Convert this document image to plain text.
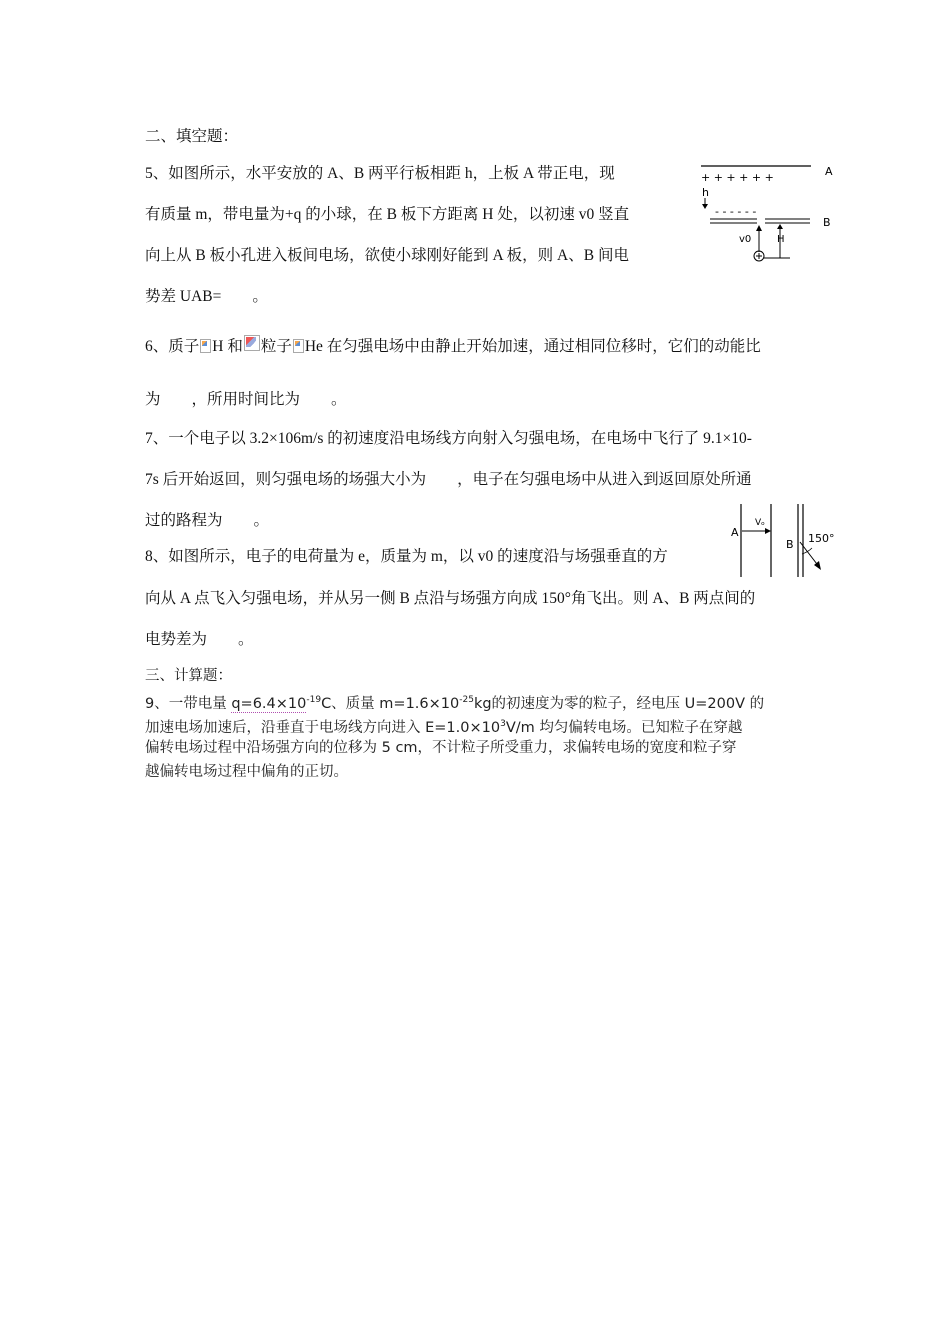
二、填空题：
5、如图所示，水平安放的 A、B 两平行板相距 h，上板 A 带正电，现
有质量 m，带电量为+q 的小球，在 B 板下方距离 H 处，以初速 v0 竖直
向上从 B 板小孔进入板间电场，欲使小球刚好能到 A 板，则 A、B 间电
势差 UAB=　　。
+ + + + + +	A
h
- - - - - -
B
v0	H
6、质子 H 和 粒子 He 在匀强电场中由静止开始加速，通过相同位移时，它们的动能比
为　　，所用时间比为　　。
7、一个电子以 3.2×106m/s 的初速度沿电场线方向射入匀强电场，在电场中飞行了 9.1×10-
7s 后开始返回，则匀强电场的场强大小为　　，电子在匀强电场中从进入到返回原处所通
过的路程为　　。
8、如图所示，电子的电荷量为 e，质量为 m，以 v0 的速度沿与场强垂直的方
向从 A 点飞入匀强电场，并从另一侧 B 点沿与场强方向成 150°角飞出。则 A、B 两点间的
电势差为　　。
A
Vₒ
B 150°
三、计算题：
9、一带电量 $q=6.4\times 10^{-19}C$、质量 $m=1.6\times 10^{-25}kg$的初速度为零的粒子，经电压 U=200V 的
加速电场加速后，沿垂直于电场线方向进入 $E=1.0\times 10^3V/m$ 均匀偏转电场。已知粒子在穿越
偏转电场过程中沿场强方向的位移为 5 cm，不计粒子所受重力，求偏转电场的宽度和粒子穿
越偏转电场过程中偏角的正切。
